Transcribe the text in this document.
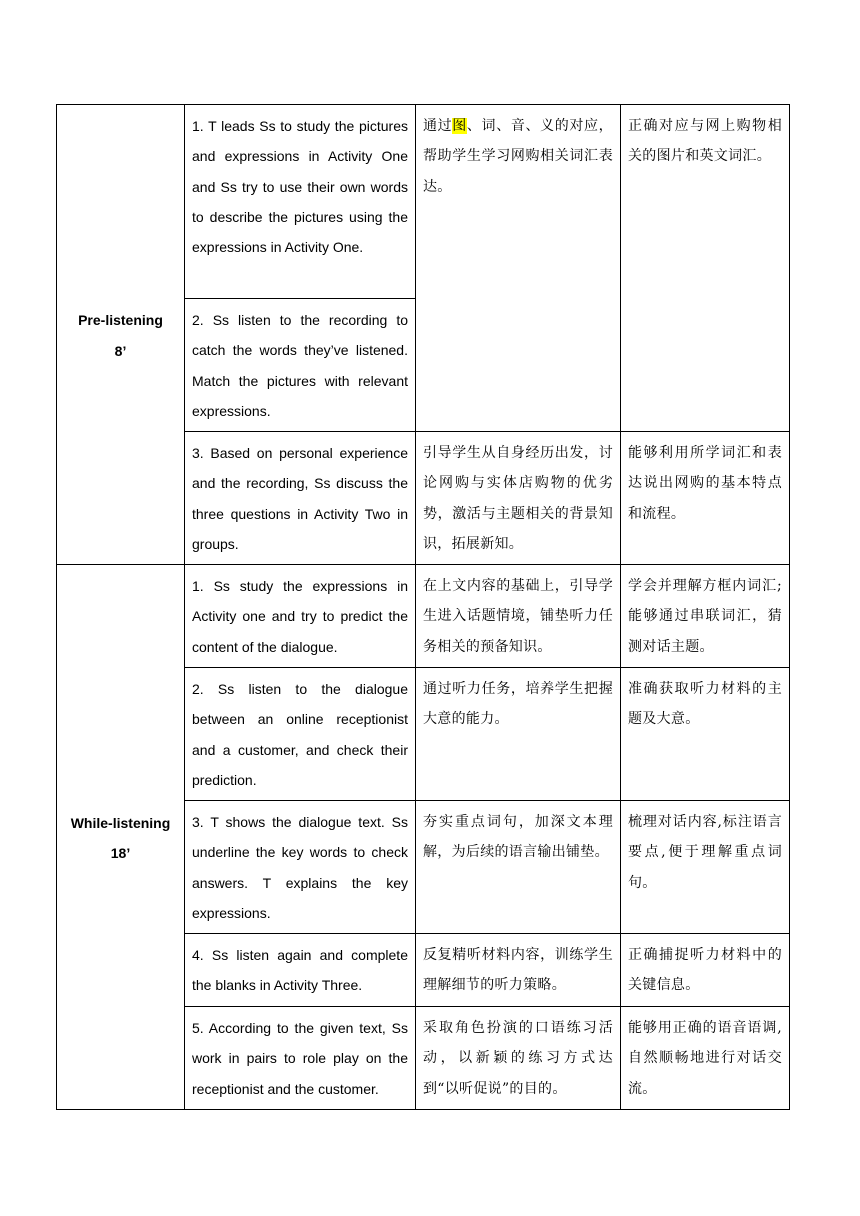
Pre-listening
8’	1. T leads Ss to study the pictures and expressions in Activity One and Ss try to use their own words to describe the pictures using the expressions in Activity One.	通过图、词、音、义的对应，帮助学生学习网购相关词汇表达。	正确对应与网上购物相关的图片和英文词汇。
	2. Ss listen to the recording to catch the words they’ve listened. Match the pictures with relevant expressions.		
	3. Based on personal experience and the recording, Ss discuss the three questions in Activity Two in groups.	引导学生从自身经历出发，讨论网购与实体店购物的优劣势，激活与主题相关的背景知识，拓展新知。	能够利用所学词汇和表达说出网购的基本特点和流程。

While-listening
18’	1. Ss study the expressions in Activity one and try to predict the content of the dialogue.	在上文内容的基础上，引导学生进入话题情境，铺垫听力任务相关的预备知识。	学会并理解方框内词汇;能够通过串联词汇，猜测对话主题。
	2. Ss listen to the dialogue between an online receptionist and a customer, and check their prediction.	通过听力任务，培养学生把握大意的能力。	准确获取听力材料的主题及大意。
	3. T shows the dialogue text. Ss underline the key words to check answers. T explains the key expressions.	夯实重点词句，加深文本理解，为后续的语言输出铺垫。	梳理对话内容,标注语言要点,便于理解重点词句。
	4. Ss listen again and complete the blanks in Activity Three.	反复精听材料内容，训练学生理解细节的听力策略。	正确捕捉听力材料中的关键信息。
	5. According to the given text, Ss work in pairs to role play on the receptionist and the customer.	采取角色扮演的口语练习活动，以新颖的练习方式达到“以听促说”的目的。	能够用正确的语音语调,自然顺畅地进行对话交流。
